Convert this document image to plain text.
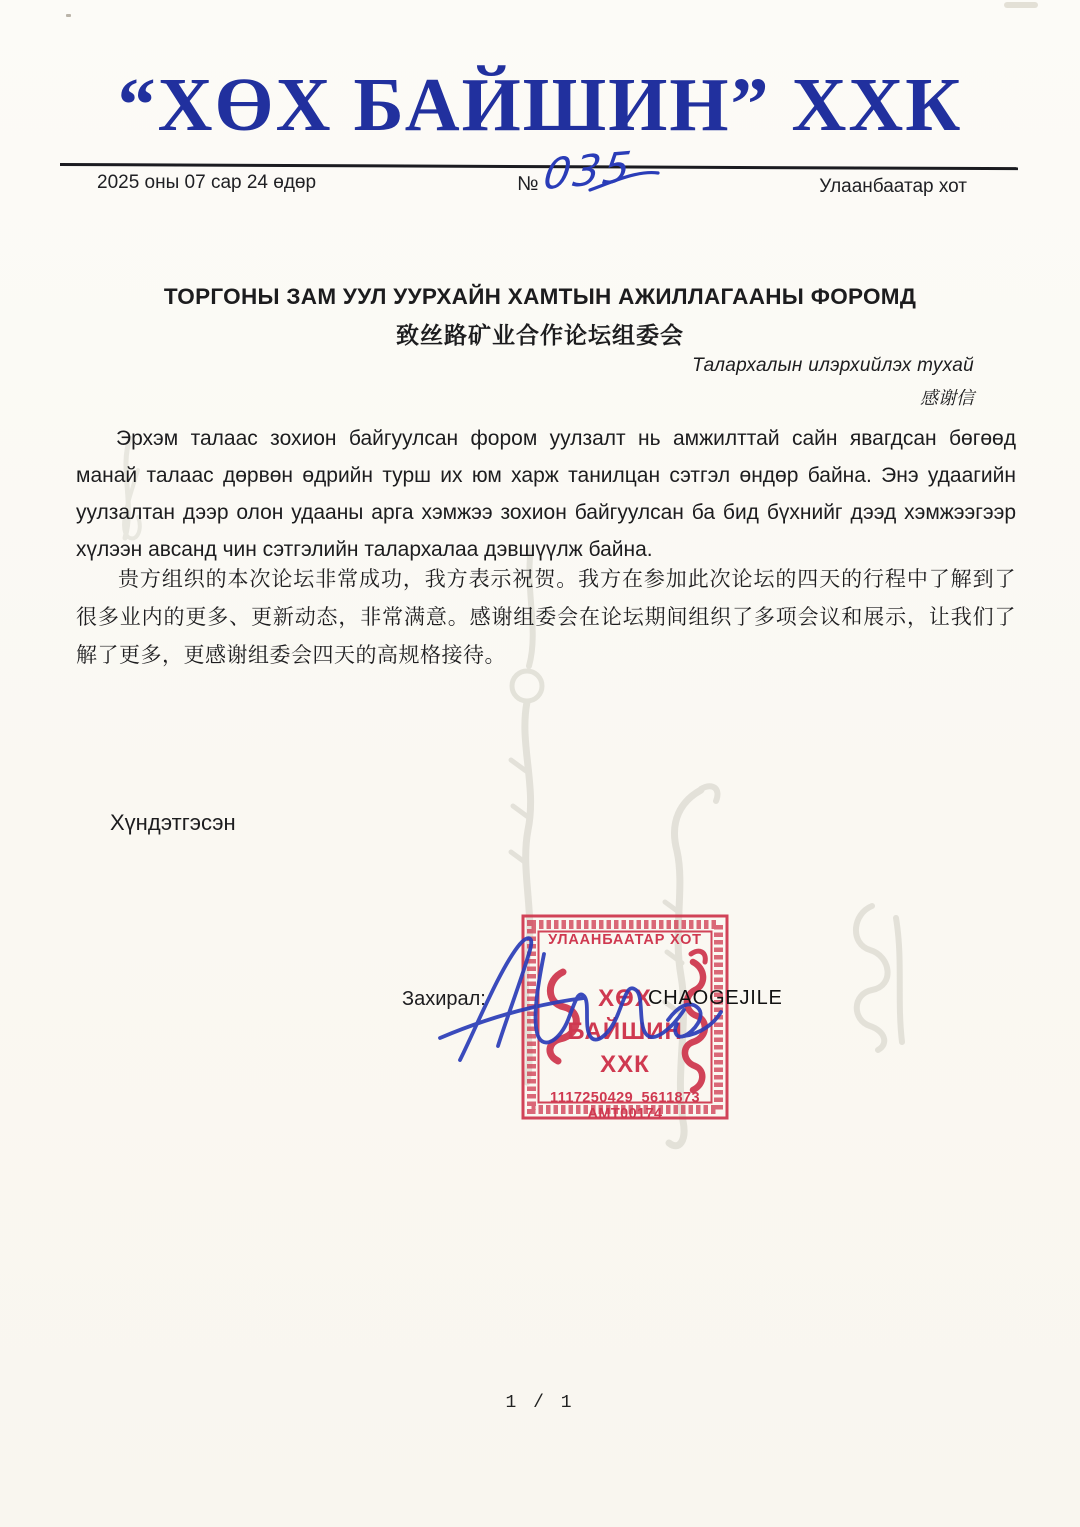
“ХӨХ БАЙШИН” ХХК
2025 оны 07 сар 24 өдөр	№ 035	Улаанбаатар хот
ТОРГОНЫ ЗАМ УУЛ УУРХАЙН ХАМТЫН АЖИЛЛАГААНЫ ФОРОМД
致丝路矿业合作论坛组委会
Талархалын илэрхийлэх тухай
感谢信
Эрхэм талаас зохион байгуулсан фором уулзалт нь амжилттай сайн явагдсан бөгөөд манай талаас дөрвөн өдрийн турш их юм харж танилцан сэтгэл өндөр байна. Энэ удаагийн уулзалтан дээр олон удааны арга хэмжээ зохион байгуулсан ба бид бүхнийг дээд хэмжээгээр хүлээн авсанд чин сэтгэлийн талархалаа дэвшүүлж байна.
贵方组织的本次论坛非常成功，我方表示祝贺。我方在参加此次论坛的四天的行程中了解到了很多业内的更多、更新动态，非常满意。感谢组委会在论坛期间组织了多项会议和展示，让我们了解了更多，更感谢组委会四天的高规格接待。
Хүндэтгэсэн
Захирал:
УЛААНБААТАР ХОТ
ХӨХ
БАЙШИН
ХХК
1117250429 5611873 АМТ00174
CHAOGEJILE
1 / 1
